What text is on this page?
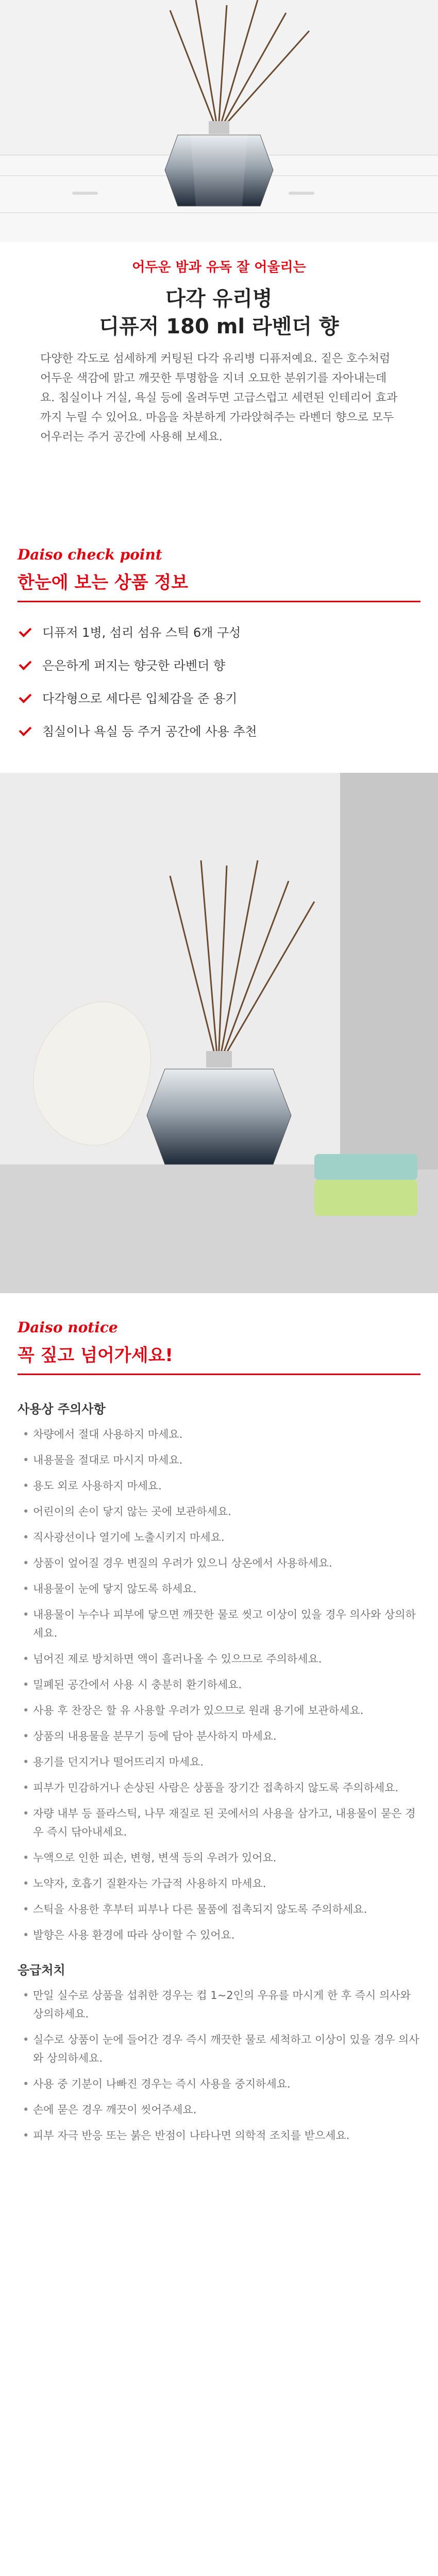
어두운 밤과 유독 잘 어울리는
다각 유리병
디퓨저 180 ml 라벤더 향
다양한 각도로 섬세하게 커팅된 다각 유리병 디퓨저예요. 짙은 호수처럼 어두운 색감에 맑고 깨끗한 투명함을 지녀 오묘한 분위기를 자아내는데요. 침실이나 거실, 욕실 등에 올려두면 고급스럽고 세련된 인테리어 효과까지 누릴 수 있어요. 마음을 차분하게 가라앉혀주는 라벤더 향으로 모두 어우러는 주거 공간에 사용해 보세요.
Daiso check point
한눈에 보는 상품 정보
디퓨저 1병, 섬리 섬유 스틱 6개 구성
은은하게 퍼지는 향긋한 라벤더 향
다각형으로 세다른 입체감을 준 용기
침실이나 욕실 등 주거 공간에 사용 추천
Daiso notice
꼭 짚고 넘어가세요!
사용상 주의사항
• 차량에서 절대 사용하지 마세요.
• 내용물을 절대로 마시지 마세요.
• 용도 외로 사용하지 마세요.
• 어린이의 손이 닿지 않는 곳에 보관하세요.
• 직사광선이나 열기에 노출시키지 마세요.
• 상품이 엎어질 경우 변질의 우려가 있으니 상온에서 사용하세요.
• 내용물이 눈에 닿지 않도록 하세요.
• 내용물이 누수나 피부에 닿으면 깨끗한 물로 씻고 이상이 있을 경우 의사와 상의하세요.
• 넘어진 제로 방치하면 액이 흘러나올 수 있으므로 주의하세요.
• 밀폐된 공간에서 사용 시 충분히 환기하세요.
• 사용 후 찬장은 할 유 사용할 우려가 있으므로 원래 용기에 보관하세요.
• 상품의 내용물을 분무기 등에 담아 분사하지 마세요.
• 용기를 던지거나 떨어뜨리지 마세요.
• 피부가 민감하거나 손상된 사람은 상품을 장기간 접촉하지 않도록 주의하세요.
• 자량 내부 등 플라스틱, 나무 재질로 된 곳에서의 사용을 삼가고, 내용물이 묻은 경우 즉시 닦아내세요.
• 누액으로 인한 피손, 변형, 변색 등의 우려가 있어요.
• 노약자, 호흡기 질환자는 가급적 사용하지 마세요.
• 스틱을 사용한 후부터 피부나 다른 물품에 접촉되지 않도록 주의하세요.
• 발향은 사용 환경에 따라 상이할 수 있어요.
응급처치
• 만일 실수로 상품을 섭취한 경우는 컵 1~2인의 우유를 마시게 한 후 즉시 의사와 상의하세요.
• 실수로 상품이 눈에 들어간 경우 즉시 깨끗한 물로 세척하고 이상이 있을 경우 의사와 상의하세요.
• 사용 중 기분이 나빠진 경우는 즉시 사용을 중지하세요.
• 손에 묻은 경우 깨끗이 씻어주세요.
• 피부 자극 반응 또는 붉은 반점이 나타나면 의학적 조치를 받으세요.
